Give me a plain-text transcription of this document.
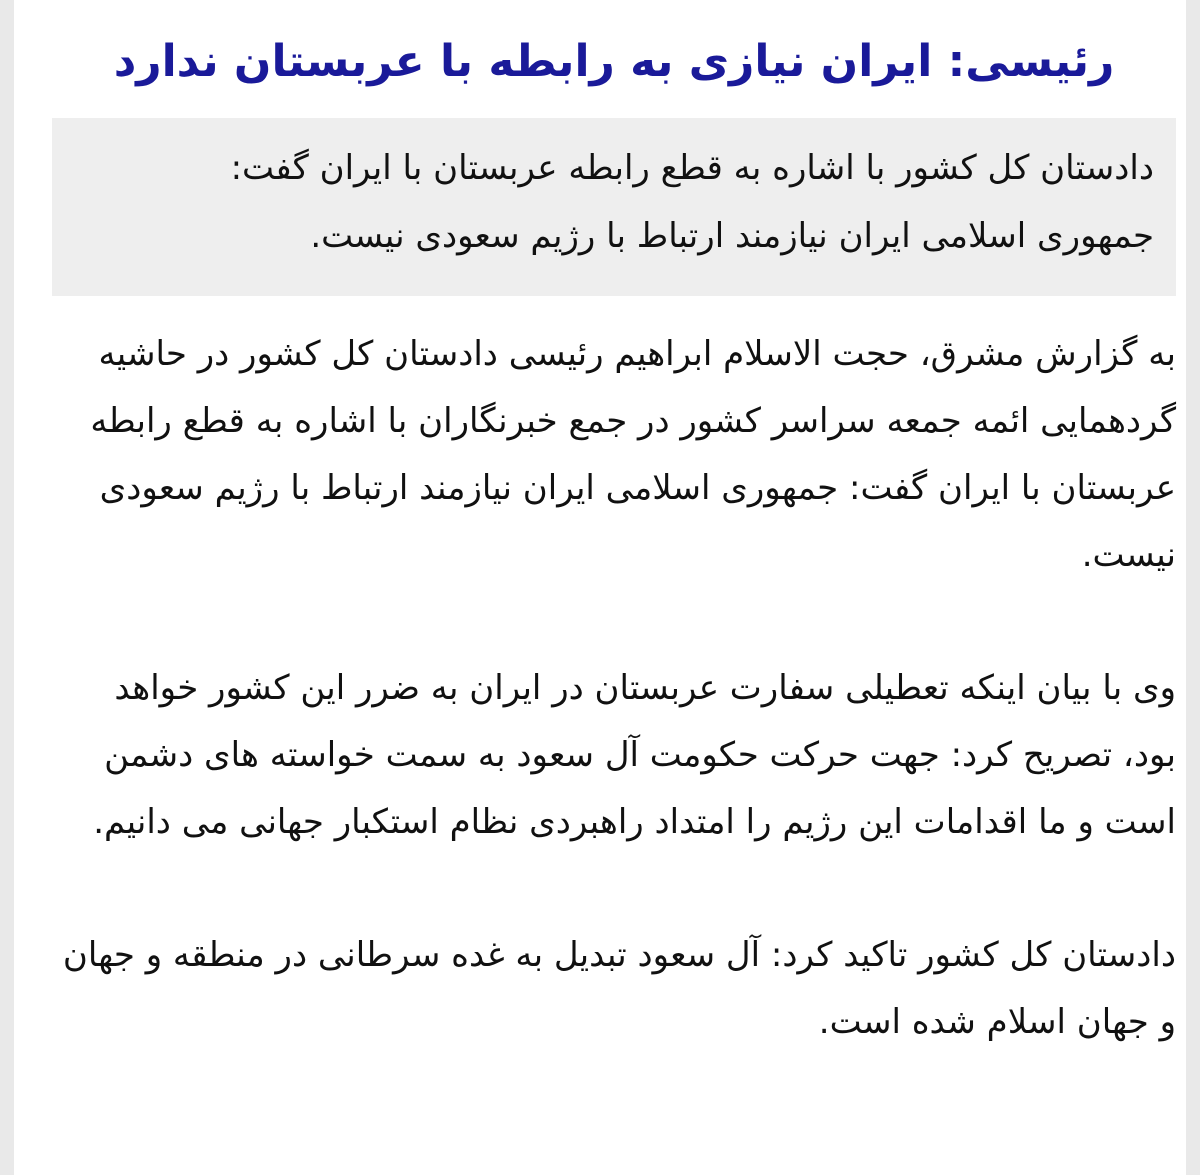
رئیسی: ایران نیازی به رابطه با عربستان ندارد
دادستان کل کشور با اشاره به قطع رابطه عربستان با ایران گفت:
جمهوری اسلامی ایران نیازمند ارتباط با رژیم سعودی نیست.

به گزارش مشرق، حجت الاسلام ابراهیم رئیسی دادستان کل کشور در حاشیه گردهمایی ائمه جمعه سراسر کشور در جمع خبرنگاران با اشاره به قطع رابطه عربستان با ایران گفت: جمهوری اسلامی ایران نیازمند ارتباط با رژیم سعودی نیست.

وی با بیان اینکه تعطیلی سفارت عربستان در ایران به ضرر این کشور خواهد بود، تصریح کرد: جهت حرکت حکومت آل سعود به سمت خواسته های دشمن است و ما اقدامات این رژیم را امتداد راهبردی نظام استکبار جهانی می دانیم.

دادستان کل کشور تاکید کرد: آل سعود تبدیل به غده سرطانی در منطقه و جهان و جهان اسلام شده است.
